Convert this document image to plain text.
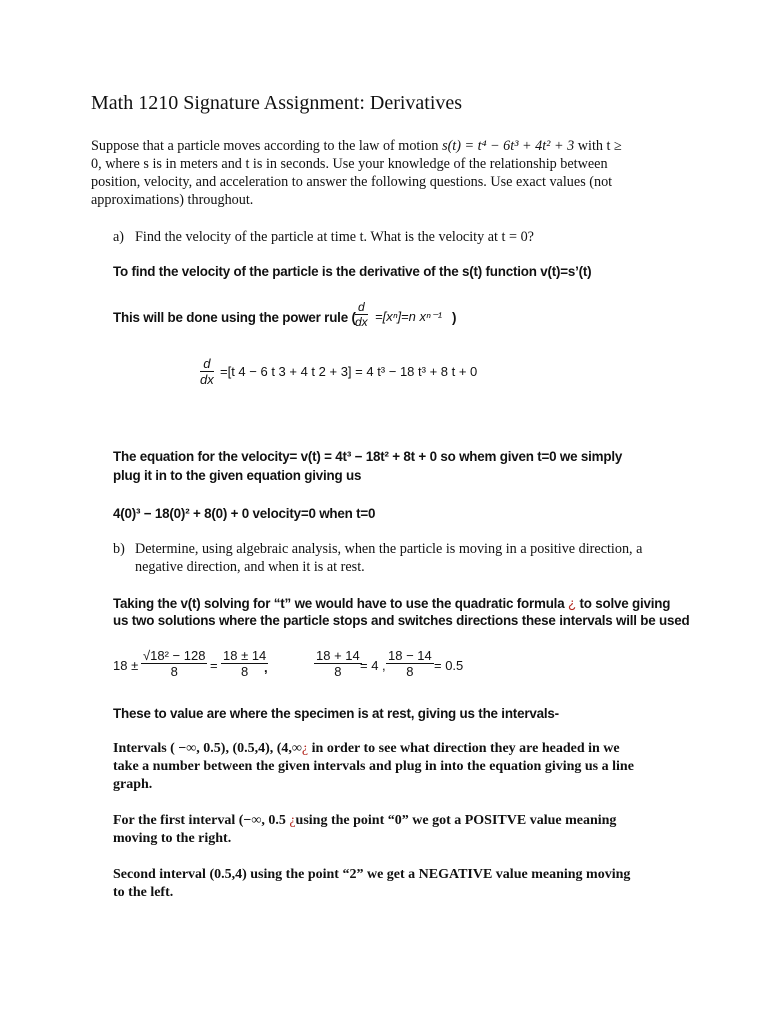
Math 1210 Signature Assignment: Derivatives
Suppose that a particle moves according to the law of motion s(t) = t⁴ − 6t³ + 4t² + 3 with t ≥
0, where s is in meters and t is in seconds. Use your knowledge of the relationship between
position, velocity, and acceleration to answer the following questions. Use exact values (not
approximations) throughout.
a) Find the velocity of the particle at time t. What is the velocity at t = 0?
To find the velocity of the particle is the derivative of the s(t) function v(t)=s’(t)
This will be done using the power rule ( $\frac{d}{dx} =[x^n]=n$ xⁿ⁻¹ )
$\frac{d}{dx} =[t$ 4 − 6 t 3 + 4 t 2 + 3] = 4 t³ − 18 t³ + 8 t + 0
The equation for the velocity= v(t) = 4t³ − 18t² + 8t + 0 so whem given t=0 we simply
plug it in to the given equation giving us
4(0)³ − 18(0)² + 8(0) + 0 velocity=0 when t=0
b) Determine, using algebraic analysis, when the particle is moving in a positive direction, a
negative direction, and when it is at rest.
Taking the v(t) solving for “t” we would have to use the quadratic formula ¿ to solve giving
us two solutions where the particle stops and switches directions these intervals will be used
$18 \pm \frac{\text{√18² − 128}}{8} = \frac{18 \pm 14}{8}$
,	$\frac{18 + 14}{8}$
= 4 , $\frac{18 - 14}{8} = 0.5$
These to value are where the specimen is at rest, giving us the intervals-
Intervals ( −∞, 0.5), (0.5,4), (4,∞¿ in order to see what direction they are headed in we
take a number between the given intervals and plug in into the equation giving us a line
graph.
For the first interval (−∞, 0.5 ¿using the point “0” we got a POSITVE value meaning
moving to the right.
Second interval (0.5,4) using the point “2” we get a NEGATIVE value meaning moving
to the left.
